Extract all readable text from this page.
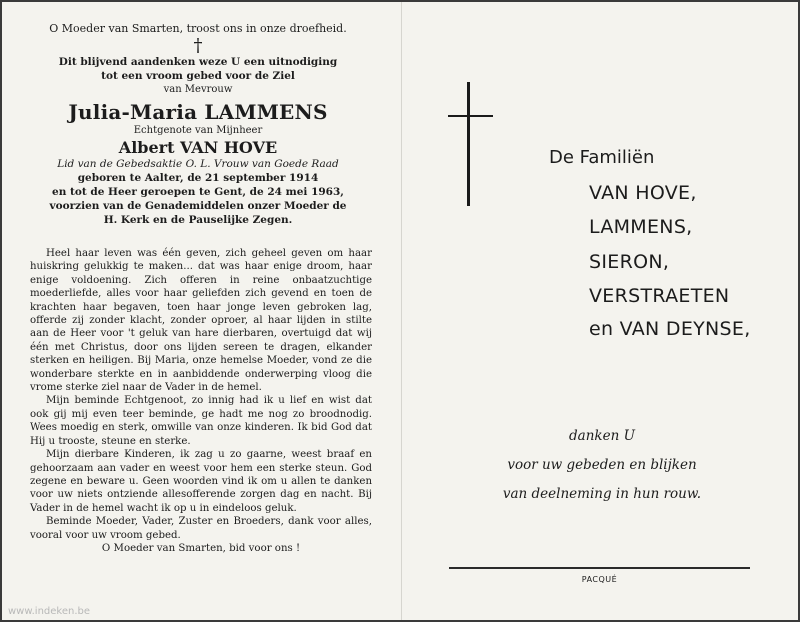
O Moeder van Smarten, troost ons in onze droefheid.
†
Dit blijvend aandenken weze U een uitnodiging
tot een vroom gebed voor de Ziel
van Mevrouw
Julia-Maria LAMMENS
Echtgenote van Mijnheer
Albert VAN HOVE
Lid van de Gebedsaktie O. L. Vrouw van Goede Raad
geboren te Aalter, de 21 september 1914
en tot de Heer geroepen te Gent, de 24 mei 1963,
voorzien van de Genademiddelen onzer Moeder de
H. Kerk en de Pauselijke Zegen.

Heel haar leven was één geven, zich geheel geven om haar huiskring gelukkig te maken... dat was haar enige droom, haar enige voldoening. Zich offeren in reine onbaatzuchtige moederliefde, alles voor haar geliefden zich gevend en toen de krachten haar begaven, toen haar jonge leven gebroken lag, offerde zij zonder klacht, zonder oproer, al haar lijden in stilte aan de Heer voor 't geluk van hare dierbaren, overtuigd dat wij één met Christus, door ons lijden sereen te dragen, elkander sterken en heiligen. Bij Maria, onze hemelse Moeder, vond ze die wonderbare sterkte en in aanbiddende onderwerping vloog die vrome sterke ziel naar de Vader in de hemel.

Mijn beminde Echtgenoot, zo innig had ik u lief en wist dat ook gij mij even teer beminde, ge hadt me nog zo broodnodig. Wees moedig en sterk, omwille van onze kinderen. Ik bid God dat Hij u trooste, steune en sterke.

Mijn dierbare Kinderen, ik zag u zo gaarne, weest braaf en gehoorzaam aan vader en weest voor hem een sterke steun. God zegene en beware u. Geen woorden vind ik om u allen te danken voor uw niets ontziende allesofferende zorgen dag en nacht. Bij Vader in de hemel wacht ik op u in eindeloos geluk.

Beminde Moeder, Vader, Zuster en Broeders, dank voor alles, vooral voor uw vroom gebed.

O Moeder van Smarten, bid voor ons !

De Familiën
VAN HOVE,
LAMMENS,
SIERON,
VERSTRAETEN
en VAN DEYNSE,
danken U
voor uw gebeden en blijken
van deelneming in hun rouw.
PACQUÉ
www.indeken.be
